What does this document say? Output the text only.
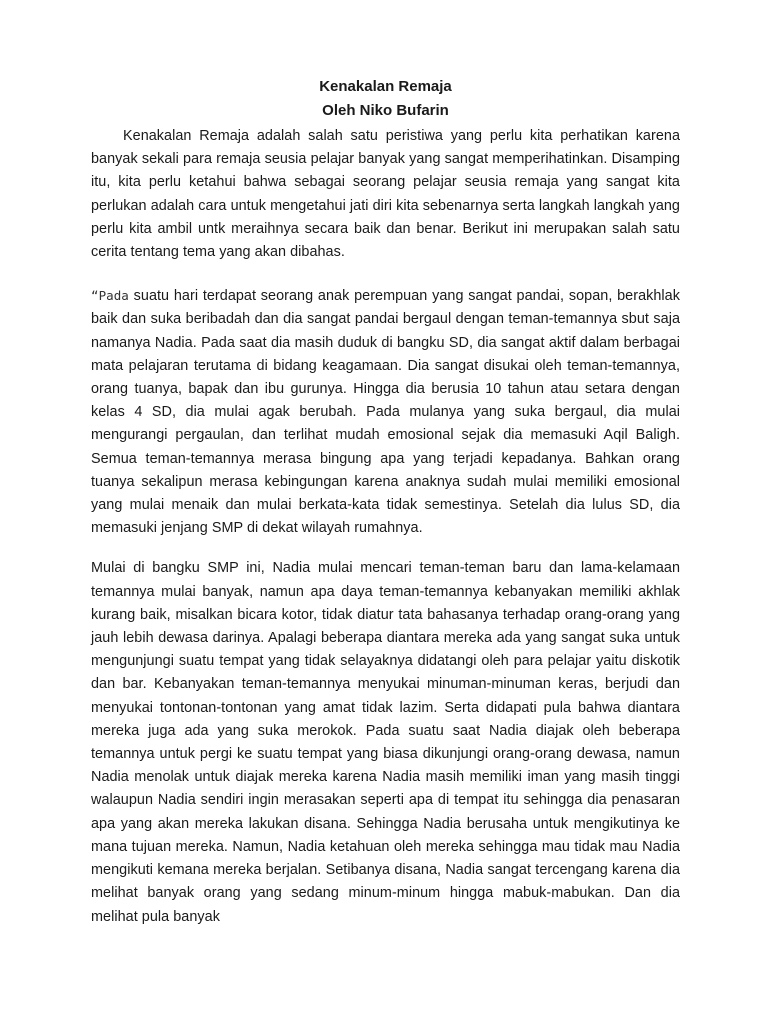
Kenakalan Remaja
Oleh Niko Bufarin

Kenakalan Remaja adalah salah satu peristiwa yang perlu kita perhatikan karena banyak sekali para remaja seusia pelajar banyak yang sangat memperihatinkan. Disamping itu, kita perlu ketahui bahwa sebagai seorang pelajar seusia remaja yang sangat kita perlukan adalah cara untuk mengetahui jati diri kita sebenarnya serta langkah langkah yang perlu kita ambil untk meraihnya secara baik dan benar. Berikut ini merupakan salah satu cerita tentang tema yang akan dibahas.

“Pada suatu hari terdapat seorang anak perempuan yang sangat pandai, sopan, berakhlak baik dan suka beribadah dan dia sangat pandai bergaul dengan teman-temannya sbut saja namanya Nadia. Pada saat dia masih duduk di bangku SD, dia sangat aktif dalam berbagai mata pelajaran terutama di bidang keagamaan. Dia sangat disukai oleh teman-temannya, orang tuanya, bapak dan ibu gurunya. Hingga dia berusia 10 tahun atau setara dengan kelas 4 SD, dia mulai agak berubah. Pada mulanya yang suka bergaul, dia mulai mengurangi pergaulan, dan terlihat mudah emosional sejak dia memasuki Aqil Baligh. Semua teman-temannya merasa bingung apa yang terjadi kepadanya. Bahkan orang tuanya sekalipun merasa kebingungan karena anaknya sudah mulai memiliki emosional yang mulai menaik dan mulai berkata-kata tidak semestinya. Setelah dia lulus SD, dia memasuki jenjang SMP di dekat wilayah rumahnya.

Mulai di bangku SMP ini, Nadia mulai mencari teman-teman baru dan lama-kelamaan temannya mulai banyak, namun apa daya teman-temannya kebanyakan memiliki akhlak kurang baik, misalkan bicara kotor, tidak diatur tata bahasanya terhadap orang-orang yang jauh lebih dewasa darinya. Apalagi beberapa diantara mereka ada yang sangat suka untuk mengunjungi suatu tempat yang tidak selayaknya didatangi oleh para pelajar yaitu diskotik dan bar. Kebanyakan teman-temannya menyukai minuman-minuman keras, berjudi dan menyukai tontonan-tontonan yang amat tidak lazim. Serta didapati pula bahwa diantara mereka juga ada yang suka merokok. Pada suatu saat Nadia diajak oleh beberapa temannya untuk pergi ke suatu tempat yang biasa dikunjungi orang-orang dewasa, namun Nadia menolak untuk diajak mereka karena Nadia masih memiliki iman yang masih tinggi walaupun Nadia sendiri ingin merasakan seperti apa di tempat itu sehingga dia penasaran apa yang akan mereka lakukan disana. Sehingga Nadia berusaha untuk mengikutinya ke mana tujuan mereka. Namun, Nadia ketahuan oleh mereka sehingga mau tidak mau Nadia mengikuti kemana mereka berjalan. Setibanya disana, Nadia sangat tercengang karena dia melihat banyak orang yang sedang minum-minum hingga mabuk-mabukan. Dan dia melihat pula banyak
